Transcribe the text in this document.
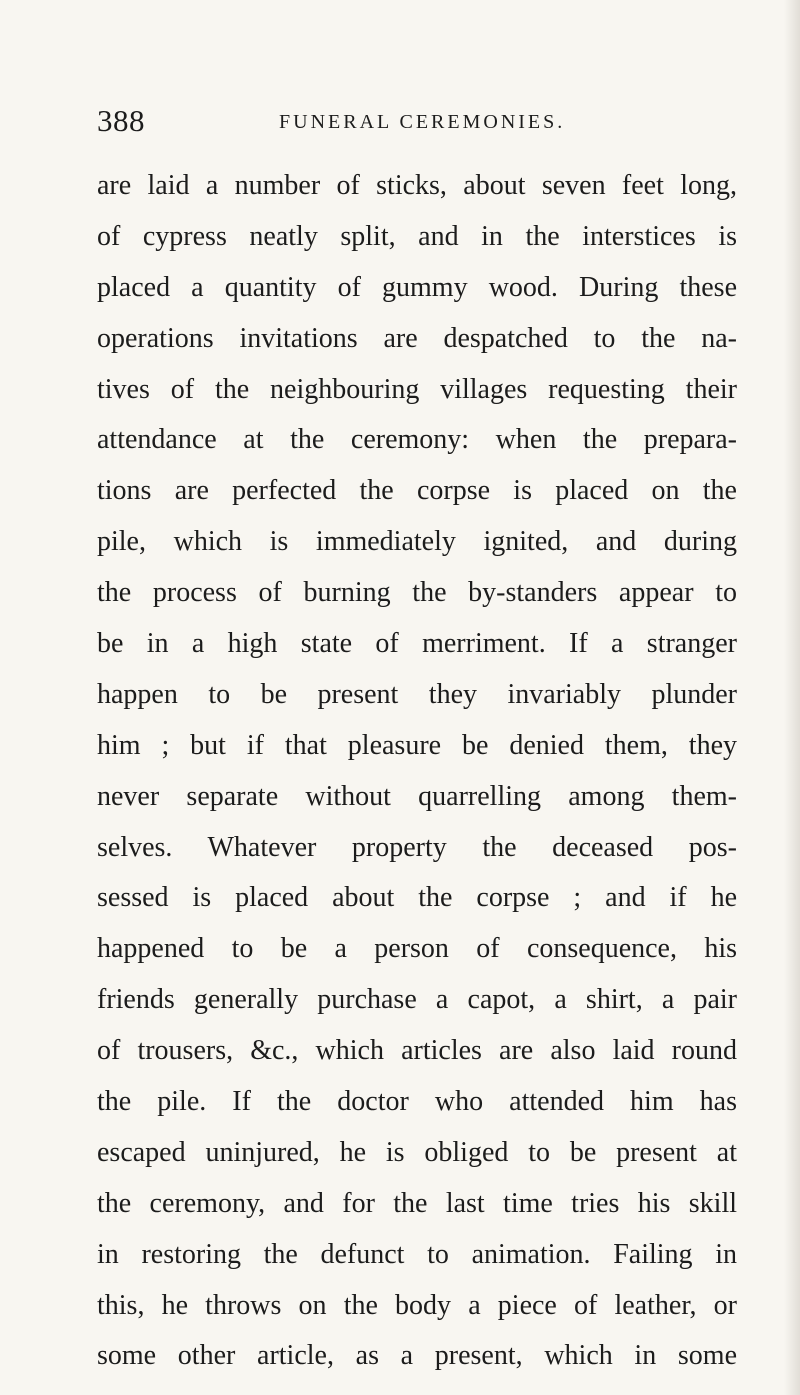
388	FUNERAL CEREMONIES.
are laid a number of sticks, about seven feet long,
of cypress neatly split, and in the interstices is
placed a quantity of gummy wood. During these
operations invitations are despatched to the na-
tives of the neighbouring villages requesting their
attendance at the ceremony: when the prepara-
tions are perfected the corpse is placed on the
pile, which is immediately ignited, and during
the process of burning the by-standers appear to
be in a high state of merriment. If a stranger
happen to be present they invariably plunder
him ; but if that pleasure be denied them, they
never separate without quarrelling among them-
selves. Whatever property the deceased pos-
sessed is placed about the corpse ; and if he
happened to be a person of consequence, his
friends generally purchase a capot, a shirt, a pair
of trousers, &c., which articles are also laid round
the pile. If the doctor who attended him has
escaped uninjured, he is obliged to be present at
the ceremony, and for the last time tries his skill
in restoring the defunct to animation. Failing in
this, he throws on the body a piece of leather, or
some other article, as a present, which in some
